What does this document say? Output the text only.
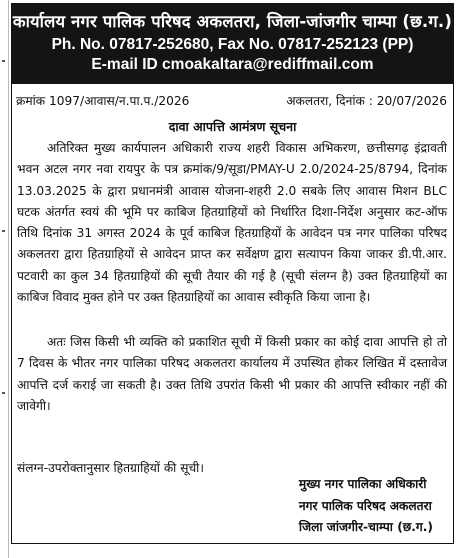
कार्यालय नगर पालिक परिषद अकलतरा, जिला-जांजगीर चाम्पा (छ.ग.)
Ph. No. 07817-252680, Fax No. 07817-252123 (PP)
E-mail ID cmoakaltara@rediffmail.com
क्रमांक 1097/आवास/न.पा.प./2026	अकलतरा, दिनांक : 20/07/2026
दावा आपत्ति आमंत्रण सूचना
अतिरिक्त मुख्य कार्यपालन अधिकारी राज्य शहरी विकास अभिकरण, छत्तीसगढ़ इंद्रावती भवन अटल नगर नवा रायपुर के पत्र क्रमांक/9/सूडा/PMAY-U 2.0/2024-25/8794, दिनांक 13.03.2025 के द्वारा प्रधानमंत्री आवास योजना-शहरी 2.0 सबके लिए आवास मिशन BLC घटक अंतर्गत स्वयं की भूमि पर काबिज हितग्राहियों को निर्धारित दिशा-निर्देश अनुसार कट-ऑफ तिथि दिनांक 31 अगस्त 2024 के पूर्व काबिज हितग्राहियों के आवेदन पत्र नगर पालिका परिषद अकलतरा द्वारा हितग्राहियों से आवेदन प्राप्त कर सर्वेक्षण द्वारा सत्यापन किया जाकर डी.पी.आर. पटवारी का कुल 34 हितग्राहियों की सूची तैयार की गई है (सूची संलग्न है) उक्त हितग्राहियों का काबिज विवाद मुक्त होने पर उक्त हितग्राहियों का आवास स्वीकृति किया जाना है।
अतः जिस किसी भी व्यक्ति को प्रकाशित सूची में किसी प्रकार का कोई दावा आपत्ति हो तो 7 दिवस के भीतर नगर पालिका परिषद अकलतरा कार्यालय में उपस्थित होकर लिखित में दस्तावेज आपत्ति दर्ज कराई जा सकती है। उक्त तिथि उपरांत किसी भी प्रकार की आपत्ति स्वीकार नहीं की जावेगी।
संलग्न-उपरोक्तानुसार हितग्राहियों की सूची।
मुख्य नगर पालिका अधिकारी
नगर पालिक परिषद अकलतरा
जिला जांजगीर-चाम्पा (छ.ग.)
